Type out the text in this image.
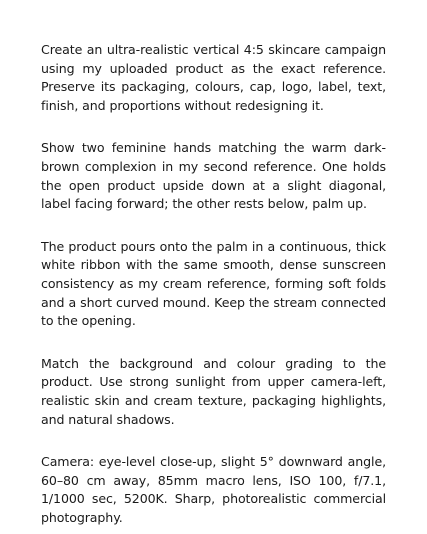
Create an ultra-realistic vertical 4:5 skincare campaign using my uploaded product as the exact reference. Preserve its packaging, colours, cap, logo, label, text, finish, and proportions without redesigning it.

Show two feminine hands matching the warm dark-brown complexion in my second reference. One holds the open product upside down at a slight diagonal, label facing forward; the other rests below, palm up.

The product pours onto the palm in a continuous, thick white ribbon with the same smooth, dense sunscreen consistency as my cream reference, forming soft folds and a short curved mound. Keep the stream connected to the opening.

Match the background and colour grading to the product. Use strong sunlight from upper camera-left, realistic skin and cream texture, packaging highlights, and natural shadows.

Camera: eye-level close-up, slight 5° downward angle, 60–80 cm away, 85mm macro lens, ISO 100, f/7.1, 1/1000 sec, 5200K. Sharp, photorealistic commercial photography.
